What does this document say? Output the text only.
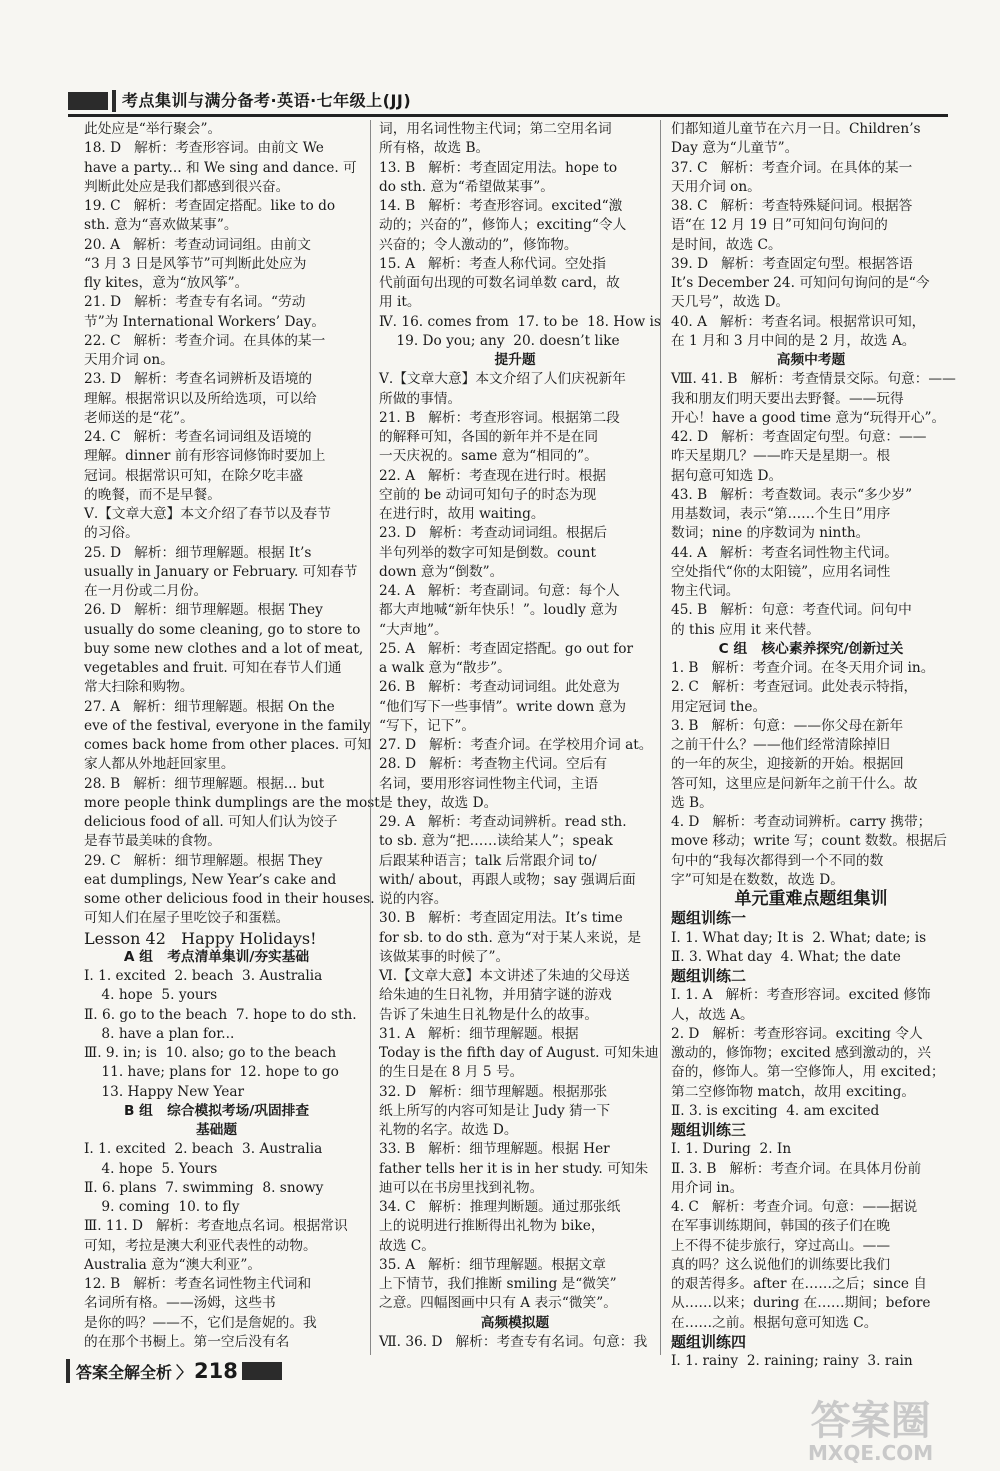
考点集训与满分备考·英语·七年级上(JJ)
此处应是“举行聚会”。
18. D   解析：考查形容词。由前文 We
have a party... 和 We sing and dance. 可
判断此处应是我们都感到很兴奋。
19. C   解析：考查固定搭配。like to do
sth. 意为“喜欢做某事”。
20. A   解析：考查动词词组。由前文
“3 月 3 日是风筝节”可判断此处应为
fly kites，意为“放风筝”。
21. D   解析：考查专有名词。“劳动
节”为 International Workers’ Day。
22. C   解析：考查介词。在具体的某一
天用介词 on。
23. D   解析：考查名词辨析及语境的
理解。根据常识以及所给选项，可以给
老师送的是“花”。
24. C   解析：考查名词词组及语境的
理解。dinner 前有形容词修饰时要加上
冠词。根据常识可知，在除夕吃丰盛
的晚餐，而不是早餐。
Ⅴ.【文章大意】本文介绍了春节以及春节
的习俗。
25. D   解析：细节理解题。根据 It’s
usually in January or February. 可知春节
在一月份或二月份。
26. D   解析：细节理解题。根据 They
usually do some cleaning, go to store to
buy some new clothes and a lot of meat,
vegetables and fruit. 可知在春节人们通
常大扫除和购物。
27. A   解析：细节理解题。根据 On the
eve of the festival, everyone in the family
comes back home from other places. 可知
家人都从外地赶回家里。
28. B   解析：细节理解题。根据... but
more people think dumplings are the most
delicious food of all. 可知人们认为饺子
是春节最美味的食物。
29. C   解析：细节理解题。根据 They
eat dumplings, New Year’s cake and
some other delicious food in their houses.
可知人们在屋子里吃饺子和蛋糕。
Lesson 42   Happy Holidays!
A 组   考点清单集训/夯实基础
Ⅰ. 1. excited  2. beach  3. Australia
4. hope  5. yours
Ⅱ. 6. go to the beach  7. hope to do sth.
8. have a plan for...
Ⅲ. 9. in; is  10. also; go to the beach
11. have; plans for  12. hope to go
13. Happy New Year
B 组   综合模拟考场/巩固排查
基础题
Ⅰ. 1. excited  2. beach  3. Australia
4. hope  5. Yours
Ⅱ. 6. plans  7. swimming  8. snowy
9. coming  10. to fly
Ⅲ. 11. D   解析：考查地点名词。根据常识
可知，考拉是澳大利亚代表性的动物。
Australia 意为“澳大利亚”。
12. B   解析：考查名词性物主代词和
名词所有格。——汤姆，这些书
是你的吗？——不，它们是詹妮的。我
的在那个书橱上。第一空后没有名
词，用名词性物主代词；第二空用名词
所有格，故选 B。
13. B   解析：考查固定用法。hope to
do sth. 意为“希望做某事”。
14. B   解析：考查形容词。excited“激
动的；兴奋的”，修饰人；exciting“令人
兴奋的；令人激动的”，修饰物。
15. A   解析：考查人称代词。空处指
代前面句出现的可数名词单数 card，故
用 it。
Ⅳ. 16. comes from  17. to be  18. How is
19. Do you; any  20. doesn’t like
提升题
Ⅴ.【文章大意】本文介绍了人们庆祝新年
所做的事情。
21. B   解析：考查形容词。根据第二段
的解释可知，各国的新年并不是在同
一天庆祝的。same 意为“相同的”。
22. A   解析：考查现在进行时。根据
空前的 be 动词可知句子的时态为现
在进行时，故用 waiting。
23. D   解析：考查动词词组。根据后
半句列举的数字可知是倒数。count
down 意为“倒数”。
24. A   解析：考查副词。句意：每个人
都大声地喊“新年快乐！”。loudly 意为
“大声地”。
25. A   解析：考查固定搭配。go out for
a walk 意为“散步”。
26. B   解析：考查动词词组。此处意为
“他们写下一些事情”。write down 意为
“写下，记下”。
27. D   解析：考查介词。在学校用介词 at。
28. D   解析：考查物主代词。空后有
名词，要用形容词性物主代词，主语
是 they，故选 D。
29. A   解析：考查动词辨析。read sth.
to sb. 意为“把……读给某人”；speak
后跟某种语言；talk 后常跟介词 to/
with/ about，再跟人或物；say 强调后面
说的内容。
30. B   解析：考查固定用法。It’s time
for sb. to do sth. 意为“对于某人来说，是
该做某事的时候了”。
Ⅵ.【文章大意】本文讲述了朱迪的父母送
给朱迪的生日礼物，并用猜字谜的游戏
告诉了朱迪生日礼物是什么的故事。
31. A   解析：细节理解题。根据
Today is the fifth day of August. 可知朱迪
的生日是在 8 月 5 号。
32. D   解析：细节理解题。根据那张
纸上所写的内容可知是让 Judy 猜一下
礼物的名字。故选 D。
33. B   解析：细节理解题。根据 Her
father tells her it is in her study. 可知朱
迪可以在书房里找到礼物。
34. C   解析：推理判断题。通过那张纸
上的说明进行推断得出礼物为 bike，
故选 C。
35. A   解析：细节理解题。根据文章
上下情节，我们推断 smiling 是“微笑”
之意。四幅图画中只有 A 表示“微笑”。
高频模拟题
Ⅶ. 36. D   解析：考查专有名词。句意：我
们都知道儿童节在六月一日。Children’s
Day 意为“儿童节”。
37. C   解析：考查介词。在具体的某一
天用介词 on。
38. C   解析：考查特殊疑问词。根据答
语“在 12 月 19 日”可知问句询问的
是时间，故选 C。
39. D   解析：考查固定句型。根据答语
It’s December 24. 可知问句询问的是“今
天几号”，故选 D。
40. A   解析：考查名词。根据常识可知，
在 1 月和 3 月中间的是 2 月，故选 A。
高频中考题
Ⅷ. 41. B   解析：考查情景交际。句意：——
我和朋友们明天要出去野餐。——玩得
开心！have a good time 意为“玩得开心”。
42. D   解析：考查固定句型。句意：——
昨天星期几？——昨天是星期一。根
据句意可知选 D。
43. B   解析：考查数词。表示“多少岁”
用基数词，表示“第……个生日”用序
数词；nine 的序数词为 ninth。
44. A   解析：考查名词性物主代词。
空处指代“你的太阳镜”，应用名词性
物主代词。
45. B   解析：句意：考查代词。问句中
的 this 应用 it 来代替。
C 组   核心素养探究/创新过关
1. B   解析：考查介词。在冬天用介词 in。
2. C   解析：考查冠词。此处表示特指，
用定冠词 the。
3. B   解析：句意：——你父母在新年
之前干什么？——他们经常清除掉旧
的一年的灰尘，迎接新的开始。根据回
答可知，这里应是问新年之前干什么。故
选 B。
4. D   解析：考查动词辨析。carry 携带；
move 移动；write 写；count 数数。根据后
句中的“我每次都得到一个不同的数
字”可知是在数数，故选 D。
单元重难点题组集训
题组训练一
Ⅰ. 1. What day; It is  2. What; date; is
Ⅱ. 3. What day  4. What; the date
题组训练二
Ⅰ. 1. A   解析：考查形容词。excited 修饰
人，故选 A。
2. D   解析：考查形容词。exciting 令人
激动的，修饰物；excited 感到激动的，兴
奋的，修饰人。第一空修饰人，用 excited；
第二空修饰物 match，故用 exciting。
Ⅱ. 3. is exciting  4. am excited
题组训练三
Ⅰ. 1. During  2. In
Ⅱ. 3. B   解析：考查介词。在具体月份前
用介词 in。
4. C   解析：考查介词。句意：——据说
在军事训练期间，韩国的孩子们在晚
上不得不徒步旅行，穿过高山。——
真的吗？这么说他们的训练要比我们
的艰苦得多。after 在……之后；since 自
从……以来；during 在……期间；before
在……之前。根据句意可知选 C。
题组训练四
Ⅰ. 1. rainy  2. raining; rainy  3. rain
答案全解全析 〉 218
答案圈
MXQE.COM
